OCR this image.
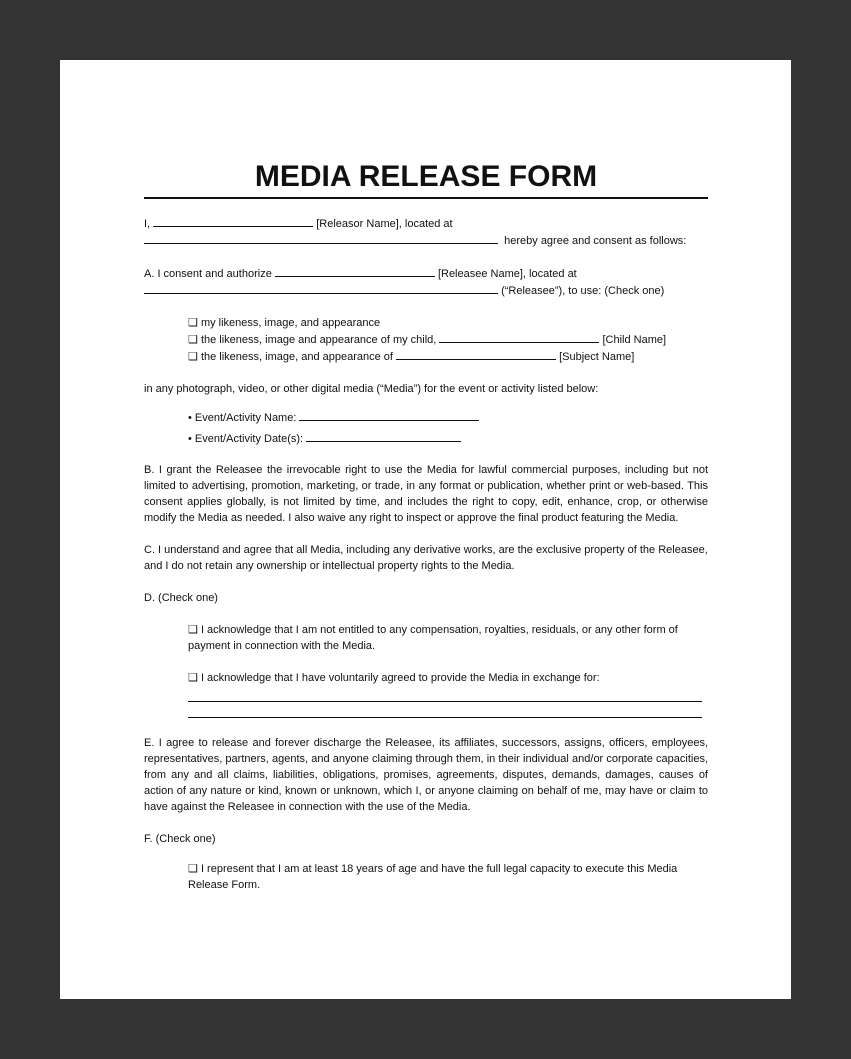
MEDIA RELEASE FORM

I,	[Releasor Name], located at

hereby agree and consent as follows:

A. I consent and authorize	[Releasee Name], located at

(“Releasee”), to use: (Check one)

❑ my likeness, image, and appearance

❑ the likeness, image and appearance of my child,	[Child Name]

❑ the likeness, image, and appearance of	[Subject Name]

in any photograph, video, or other digital media (“Media”) for the event or activity listed below:

• Event/Activity Name:
• Event/Activity Date(s):

B. I grant the Releasee the irrevocable right to use the Media for lawful commercial purposes, including but not limited to advertising, promotion, marketing, or trade, in any format or publication, whether print or web-based. This consent applies globally, is not limited by time, and includes the right to copy, edit, enhance, crop, or otherwise modify the Media as needed. I also waive any right to inspect or approve the final product featuring the Media.

C. I understand and agree that all Media, including any derivative works, are the exclusive property of the Releasee, and I do not retain any ownership or intellectual property rights to the Media.

D. (Check one)

❑ I acknowledge that I am not entitled to any compensation, royalties, residuals, or any other form of payment in connection with the Media.

❑ I acknowledge that I have voluntarily agreed to provide the Media in exchange for:

E. I agree to release and forever discharge the Releasee, its affiliates, successors, assigns, officers, employees, representatives, partners, agents, and anyone claiming through them, in their individual and/or corporate capacities, from any and all claims, liabilities, obligations, promises, agreements, disputes, demands, damages, causes of action of any nature or kind, known or unknown, which I, or anyone claiming on behalf of me, may have or claim to have against the Releasee in connection with the use of the Media.

F. (Check one)

❑ I represent that I am at least 18 years of age and have the full legal capacity to execute this Media Release Form.
